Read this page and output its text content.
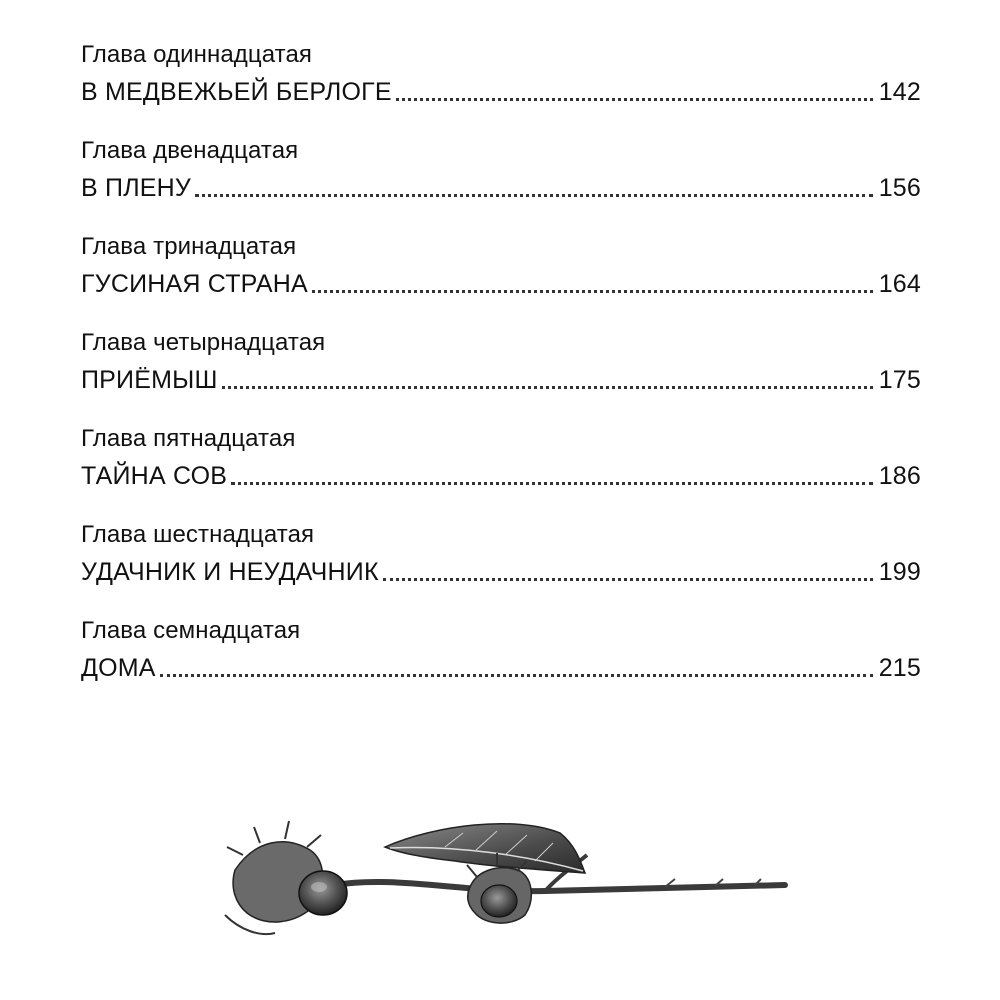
Глава одиннадцатая
В МЕДВЕЖЬЕЙ БЕРЛОГЕ	142
Глава двенадцатая
В ПЛЕНУ	156
Глава тринадцатая
ГУСИНАЯ СТРАНА	164
Глава четырнадцатая
ПРИЁМЫШ	175
Глава пятнадцатая
ТАЙНА СОВ	186
Глава шестнадцатая
УДАЧНИК И НЕУДАЧНИК	199
Глава семнадцатая
ДОМА	215
